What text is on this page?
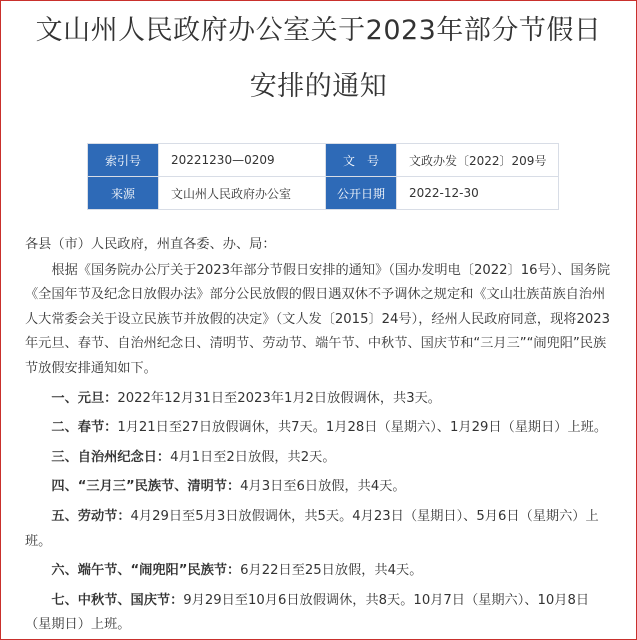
文山州人民政府办公室关于2023年部分节假日
安排的通知
索引号	20221230—0209	文　号	文政办发〔2022〕209号
来源	文山州人民政府办公室	公开日期	2022-12-30

各县（市）人民政府，州直各委、办、局：

根据《国务院办公厅关于2023年部分节假日安排的通知》（国办发明电〔2022〕16号）、国务院《全国年节及纪念日放假办法》部分公民放假的假日遇双休不予调休之规定和《文山壮族苗族自治州人大常委会关于设立民族节并放假的决定》（文人发〔2015〕24号），经州人民政府同意，现将2023年元旦、春节、自治州纪念日、清明节、劳动节、端午节、中秋节、国庆节和“三月三”“闹兜阳”民族节放假安排通知如下。

一、元旦：2022年12月31日至2023年1月2日放假调休，共3天。

二、春节：1月21日至27日放假调休，共7天。1月28日（星期六）、1月29日（星期日）上班。

三、自治州纪念日：4月1日至2日放假，共2天。

四、“三月三”民族节、清明节：4月3日至6日放假，共4天。

五、劳动节：4月29日至5月3日放假调休，共5天。4月23日（星期日）、5月6日（星期六）上班。

六、端午节、“闹兜阳”民族节：6月22日至25日放假，共4天。

七、中秋节、国庆节：9月29日至10月6日放假调休，共8天。10月7日（星期六）、10月8日（星期日）上班。
